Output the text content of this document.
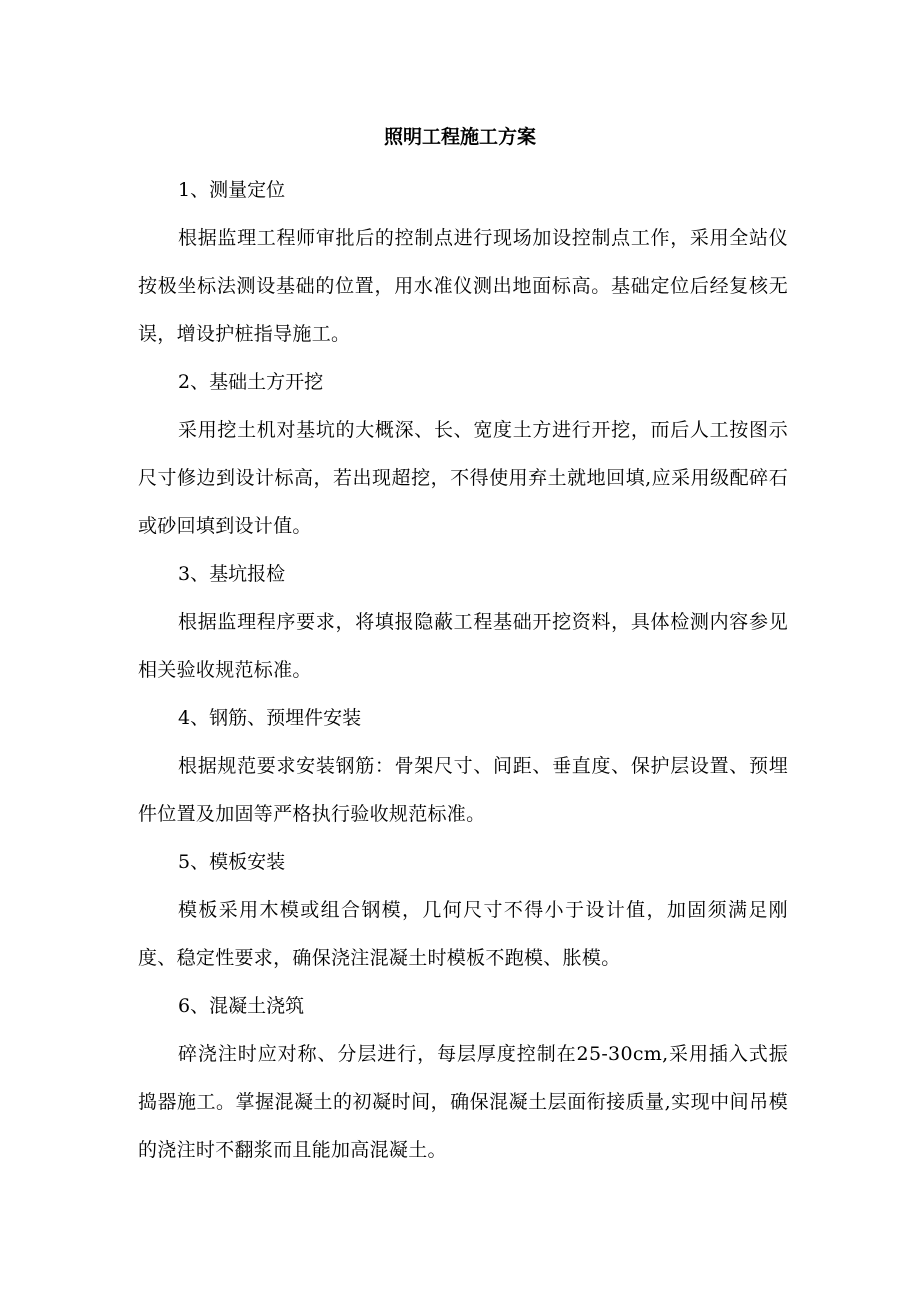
照明工程施工方案

1、测量定位

根据监理工程师审批后的控制点进行现场加设控制点工作，采用全站仪按极坐标法测设基础的位置，用水准仪测出地面标高。基础定位后经复核无误，增设护桩指导施工。

2、基础土方开挖

采用挖土机对基坑的大概深、长、宽度土方进行开挖，而后人工按图示尺寸修边到设计标高，若出现超挖，不得使用弃土就地回填,应采用级配碎石或砂回填到设计值。

3、基坑报检

根据监理程序要求，将填报隐蔽工程基础开挖资料，具体检测内容参见相关验收规范标准。

4、钢筋、预埋件安装

根据规范要求安装钢筋：骨架尺寸、间距、垂直度、保护层设置、预埋件位置及加固等严格执行验收规范标准。

5、模板安装

模板采用木模或组合钢模，几何尺寸不得小于设计值，加固须满足刚度、稳定性要求，确保浇注混凝土时模板不跑模、胀模。

6、混凝土浇筑

碎浇注时应对称、分层进行，每层厚度控制在25-30cm,采用插入式振捣器施工。掌握混凝土的初凝时间，确保混凝土层面衔接质量,实现中间吊模的浇注时不翻浆而且能加高混凝土。
